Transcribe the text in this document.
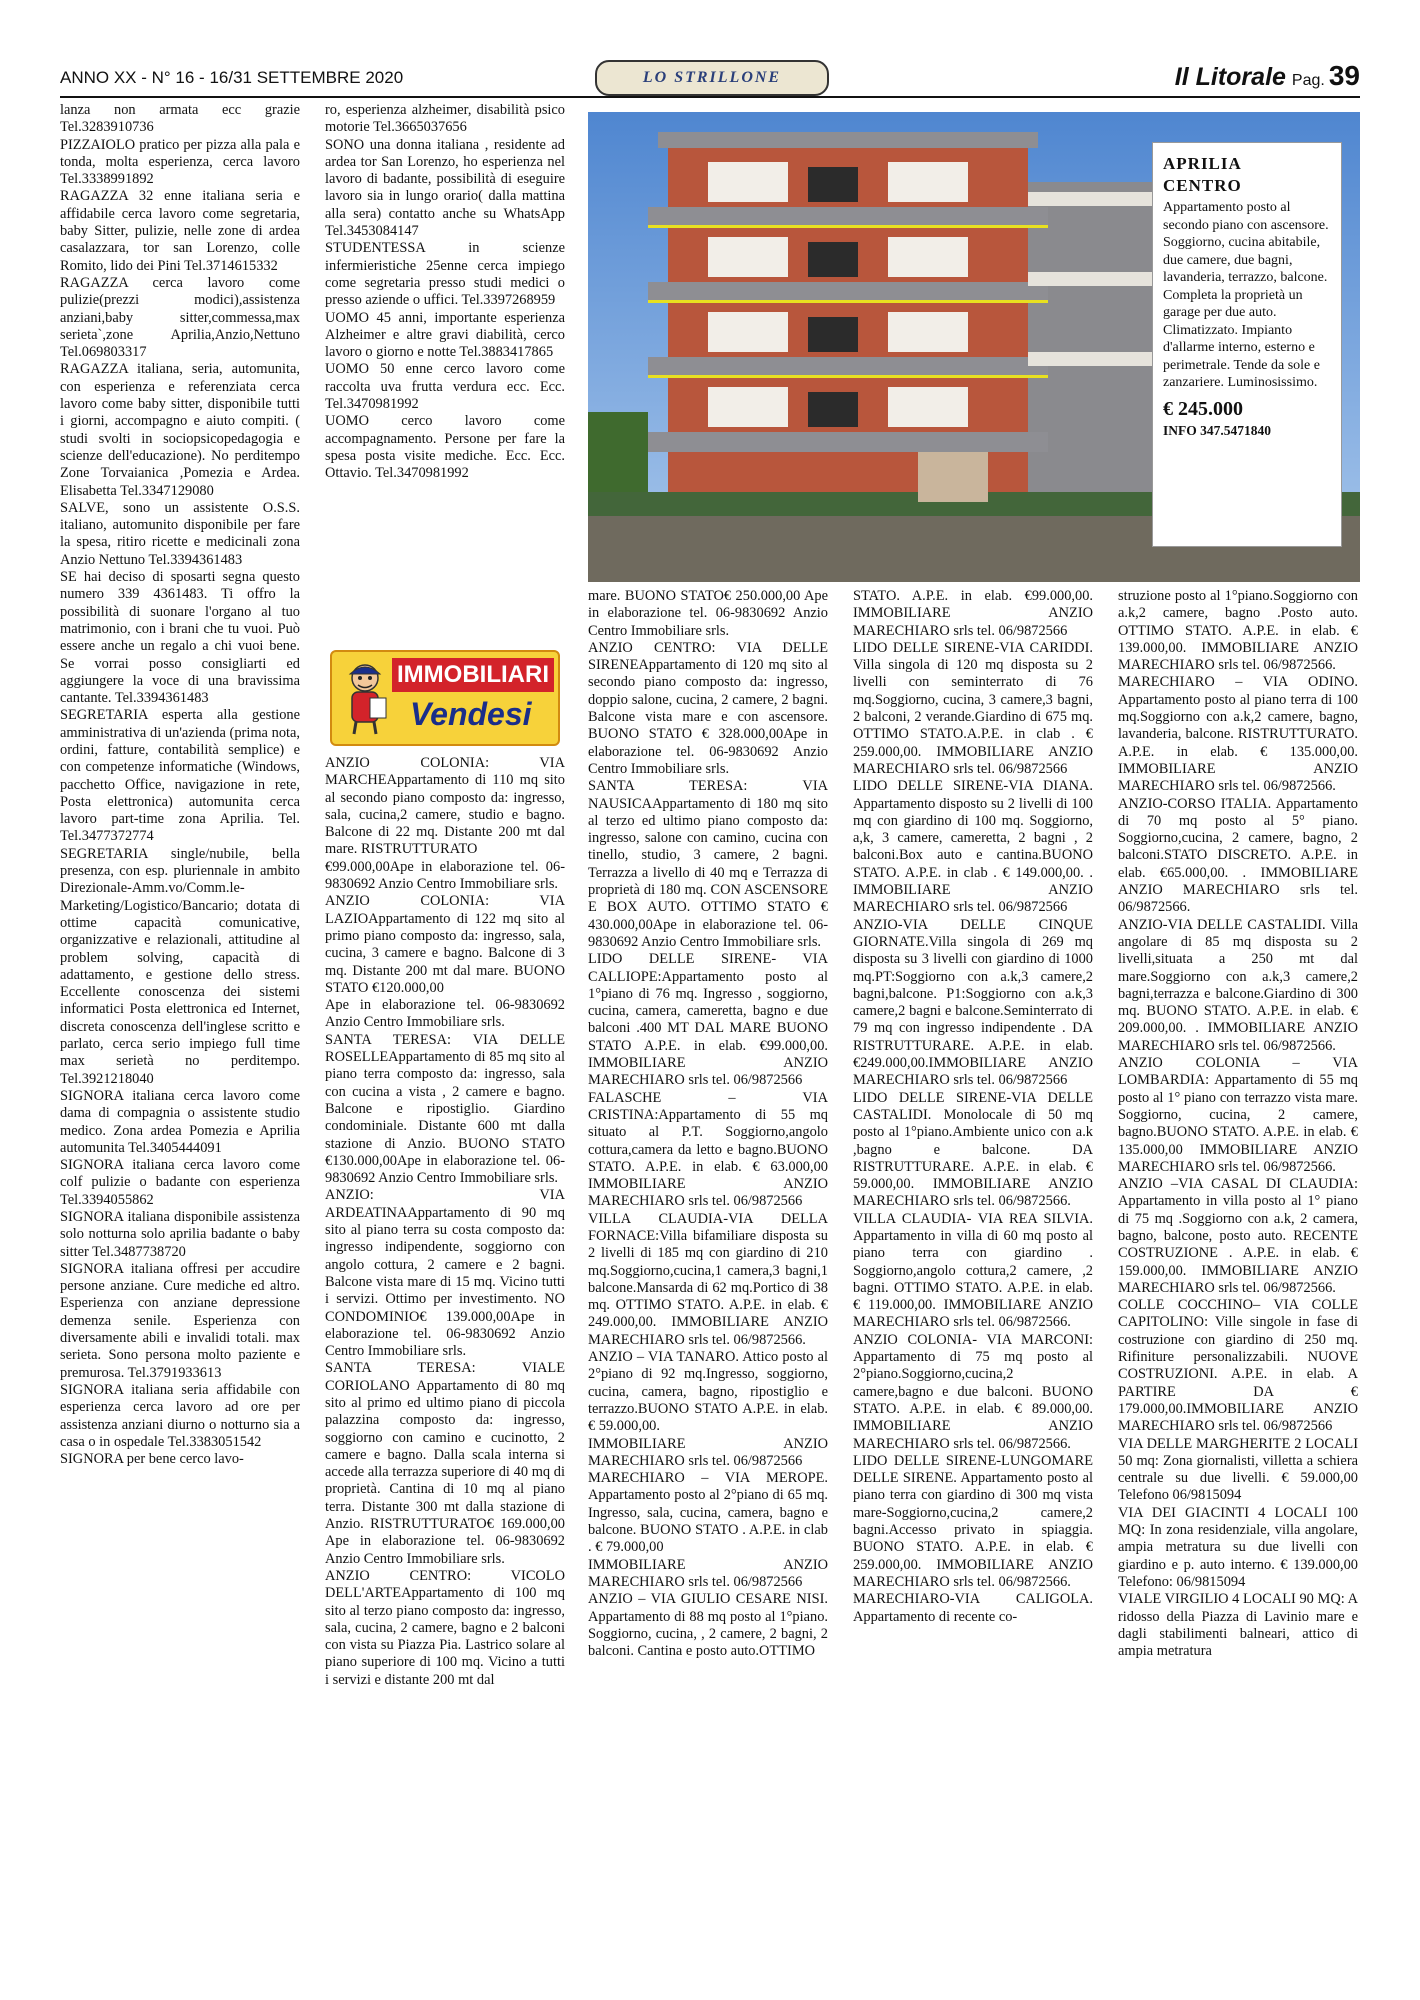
ANNO XX - N° 16 - 16/31 SETTEMBRE 2020	LO STRILLONE	Il Litorale Pag. 39

lanza non armata ecc grazie Tel.3283910736

PIZZAIOLO pratico per pizza alla pala e tonda, molta esperienza, cerca lavoro Tel.3338991892

RAGAZZA 32 enne italiana seria e affidabile cerca lavoro come segretaria, baby Sitter, pulizie, nelle zone di ardea casalazzara, tor san Lorenzo, colle Romito, lido dei Pini Tel.3714615332

RAGAZZA cerca lavoro come pulizie(prezzi modici),assistenza anziani,baby sitter,commessa,max serieta`,zone Aprilia,Anzio,Nettuno Tel.069803317

RAGAZZA italiana, seria, automunita, con esperienza e referenziata cerca lavoro come baby sitter, disponibile tutti i giorni, accompagno e aiuto compiti. ( studi svolti in sociopsicopedagogia e scienze dell'educazione). No perditempo Zone Torvaianica ,Pomezia e Ardea. Elisabetta Tel.3347129080

SALVE, sono un assistente O.S.S. italiano, automunito disponibile per fare la spesa, ritiro ricette e medicinali zona Anzio Nettuno Tel.3394361483

SE hai deciso di sposarti segna questo numero 339 4361483. Ti offro la possibilità di suonare l'organo al tuo matrimonio, con i brani che tu vuoi. Può essere anche un regalo a chi vuoi bene. Se vorrai posso consigliarti ed aggiungere la voce di una bravissima cantante. Tel.3394361483

SEGRETARIA esperta alla gestione amministrativa di un'azienda (prima nota, ordini, fatture, contabilità semplice) e con competenze informatiche (Windows, pacchetto Office, navigazione in rete, Posta elettronica) automunita cerca lavoro part-time zona Aprilia. Tel. Tel.3477372774

SEGRETARIA single/nubile, bella presenza, con esp. pluriennale in ambito Direzionale-Amm.vo/Comm.le-Marketing/Logistico/Bancario; dotata di ottime capacità comunicative, organizzative e relazionali, attitudine al problem solving, capacità di adattamento, e gestione dello stress. Eccellente conoscenza dei sistemi informatici Posta elettronica ed Internet, discreta conoscenza dell'inglese scritto e parlato, cerca serio impiego full time max serietà no perditempo. Tel.3921218040

SIGNORA italiana cerca lavoro come dama di compagnia o assistente studio medico. Zona ardea Pomezia e Aprilia automunita Tel.3405444091

SIGNORA italiana cerca lavoro come colf pulizie o badante con esperienza Tel.3394055862

SIGNORA italiana disponibile assistenza solo notturna solo aprilia badante o baby sitter Tel.3487738720

SIGNORA italiana offresi per accudire persone anziane. Cure mediche ed altro. Esperienza con anziane depressione demenza senile. Esperienza con diversamente abili e invalidi totali. max serieta. Sono persona molto paziente e premurosa. Tel.3791933613

SIGNORA italiana seria affidabile con esperienza cerca lavoro ad ore per assistenza anziani diurno o notturno sia a casa o in ospedale Tel.3383051542

SIGNORA per bene cerco lavo-

ro, esperienza alzheimer, disabilità psico motorie Tel.3665037656

SONO una donna italiana , residente ad ardea tor San Lorenzo, ho esperienza nel lavoro di badante, possibilità di eseguire lavoro sia in lungo orario( dalla mattina alla sera) contatto anche su WhatsApp Tel.3453084147

STUDENTESSA in scienze infermieristiche 25enne cerca impiego come segretaria presso studi medici o presso aziende o uffici. Tel.3397268959

UOMO 45 anni, importante esperienza Alzheimer e altre gravi diabilità, cerco lavoro o giorno e notte Tel.3883417865

UOMO 50 enne cerco lavoro come raccolta uva frutta verdura ecc. Ecc. Tel.3470981992

UOMO cerco lavoro come accompagnamento. Persone per fare la spesa posta visite mediche. Ecc. Ecc. Ottavio. Tel.3470981992

IMMOBILIARI
Vendesi

ANZIO COLONIA: VIA MARCHEAppartamento di 110 mq sito al secondo piano composto da: ingresso, sala, cucina,2 camere, studio e bagno. Balcone di 22 mq. Distante 200 mt dal mare. RISTRUTTURATO

€99.000,00Ape in elaborazione tel. 06-9830692 Anzio Centro Immobiliare srls.

ANZIO COLONIA: VIA LAZIOAppartamento di 122 mq sito al primo piano composto da: ingresso, sala, cucina, 3 camere e bagno. Balcone di 3 mq. Distante 200 mt dal mare. BUONO STATO €120.000,00

Ape in elaborazione tel. 06-9830692 Anzio Centro Immobiliare srls.

SANTA TERESA: VIA DELLE ROSELLEAppartamento di 85 mq sito al piano terra composto da: ingresso, sala con cucina a vista , 2 camere e bagno. Balcone e ripostiglio. Giardino condominiale. Distante 600 mt dalla stazione di Anzio. BUONO STATO €130.000,00Ape in elaborazione tel. 06-9830692 Anzio Centro Immobiliare srls.

ANZIO: VIA ARDEATINAAppartamento di 90 mq sito al piano terra su costa composto da: ingresso indipendente, soggiorno con angolo cottura, 2 camere e 2 bagni. Balcone vista mare di 15 mq. Vicino tutti i servizi. Ottimo per investimento. NO CONDOMINIO€ 139.000,00Ape in elaborazione tel. 06-9830692 Anzio Centro Immobiliare srls.

SANTA TERESA: VIALE CORIOLANO Appartamento di 80 mq sito al primo ed ultimo piano di piccola palazzina composto da: ingresso, soggiorno con camino e cucinotto, 2 camere e bagno. Dalla scala interna si accede alla terrazza superiore di 40 mq di proprietà. Cantina di 10 mq al piano terra. Distante 300 mt dalla stazione di Anzio. RISTRUTTURATO€ 169.000,00 Ape in elaborazione tel. 06-9830692 Anzio Centro Immobiliare srls.

ANZIO CENTRO: VICOLO DELL'ARTEAppartamento di 100 mq sito al terzo piano composto da: ingresso, sala, cucina, 2 camere, bagno e 2 balconi con vista su Piazza Pia. Lastrico solare al piano superiore di 100 mq. Vicino a tutti i servizi e distante 200 mt dal

APRILIA
CENTRO
Appartamento posto al secondo piano con ascensore. Soggiorno, cucina abitabile, due camere, due bagni, lavanderia, terrazzo, balcone. Completa la proprietà un garage per due auto. Climatizzato. Impianto d'allarme interno, esterno e perimetrale. Tende da sole e zanzariere. Luminosissimo.
€ 245.000
INFO 347.5471840

mare. BUONO STATO€ 250.000,00 Ape in elaborazione tel. 06-9830692 Anzio Centro Immobiliare srls.

ANZIO CENTRO: VIA DELLE SIRENEAppartamento di 120 mq sito al secondo piano composto da: ingresso, doppio salone, cucina, 2 camere, 2 bagni. Balcone vista mare e con ascensore. BUONO STATO € 328.000,00Ape in elaborazione tel. 06-9830692 Anzio Centro Immobiliare srls.

SANTA TERESA: VIA NAUSICAAppartamento di 180 mq sito al terzo ed ultimo piano composto da: ingresso, salone con camino, cucina con tinello, studio, 3 camere, 2 bagni. Terrazza a livello di 40 mq e Terrazza di proprietà di 180 mq. CON ASCENSORE E BOX AUTO. OTTIMO STATO € 430.000,00Ape in elaborazione tel. 06-9830692 Anzio Centro Immobiliare srls.

LIDO DELLE SIRENE- VIA CALLIOPE:Appartamento posto al 1°piano di 76 mq. Ingresso , soggiorno, cucina, camera, cameretta, bagno e due balconi .400 MT DAL MARE BUONO STATO A.P.E. in elab. €99.000,00. IMMOBILIARE ANZIO MARECHIARO srls tel. 06/9872566

FALASCHE – VIA CRISTINA:Appartamento di 55 mq situato al P.T. Soggiorno,angolo cottura,camera da letto e bagno.BUONO STATO. A.P.E. in elab. € 63.000,00 IMMOBILIARE ANZIO MARECHIARO srls tel. 06/9872566

VILLA CLAUDIA-VIA DELLA FORNACE:Villa bifamiliare disposta su 2 livelli di 185 mq con giardino di 210 mq.Soggiorno,cucina,1 camera,3 bagni,1 balcone.Mansarda di 62 mq.Portico di 38 mq. OTTIMO STATO. A.P.E. in elab. € 249.000,00. IMMOBILIARE ANZIO MARECHIARO srls tel. 06/9872566.

ANZIO – VIA TANARO. Attico posto al 2°piano di 92 mq.Ingresso, soggiorno, cucina, camera, bagno, ripostiglio e terrazzo.BUONO STATO A.P.E. in elab. € 59.000,00.

IMMOBILIARE ANZIO MARECHIARO srls tel. 06/9872566

MARECHIARO – VIA MEROPE. Appartamento posto al 2°piano di 65 mq. Ingresso, sala, cucina, camera, bagno e balcone. BUONO STATO . A.P.E. in clab . € 79.000,00

IMMOBILIARE ANZIO MARECHIARO srls tel. 06/9872566

ANZIO – VIA GIULIO CESARE NISI. Appartamento di 88 mq posto al 1°piano. Soggiorno, cucina, , 2 camere, 2 bagni, 2 balconi. Cantina e posto auto.OTTIMO

STATO. A.P.E. in elab. €99.000,00. IMMOBILIARE ANZIO MARECHIARO srls tel. 06/9872566

LIDO DELLE SIRENE-VIA CARIDDI. Villa singola di 120 mq disposta su 2 livelli con seminterrato di 76 mq.Soggiorno, cucina, 3 camere,3 bagni, 2 balconi, 2 verande.Giardino di 675 mq. OTTIMO STATO.A.P.E. in clab . € 259.000,00. IMMOBILIARE ANZIO MARECHIARO srls tel. 06/9872566

LIDO DELLE SIRENE-VIA DIANA. Appartamento disposto su 2 livelli di 100 mq con giardino di 100 mq. Soggiorno, a,k, 3 camere, cameretta, 2 bagni , 2 balconi.Box auto e cantina.BUONO STATO. A.P.E. in clab . € 149.000,00. . IMMOBILIARE ANZIO MARECHIARO srls tel. 06/9872566

ANZIO-VIA DELLE CINQUE GIORNATE.Villa singola di 269 mq disposta su 3 livelli con giardino di 1000 mq.PT:Soggiorno con a.k,3 camere,2 bagni,balcone. P1:Soggiorno con a.k,3 camere,2 bagni e balcone.Seminterrato di 79 mq con ingresso indipendente . DA RISTRUTTURARE. A.P.E. in elab. €249.000,00.IMMOBILIARE ANZIO MARECHIARO srls tel. 06/9872566

LIDO DELLE SIRENE-VIA DELLE CASTALIDI. Monolocale di 50 mq posto al 1°piano.Ambiente unico con a.k ,bagno e balcone. DA RISTRUTTURARE. A.P.E. in elab. € 59.000,00. IMMOBILIARE ANZIO MARECHIARO srls tel. 06/9872566.

VILLA CLAUDIA- VIA REA SILVIA. Appartamento in villa di 60 mq posto al piano terra con giardino . Soggiorno,angolo cottura,2 camere, ,2 bagni. OTTIMO STATO. A.P.E. in elab. € 119.000,00. IMMOBILIARE ANZIO MARECHIARO srls tel. 06/9872566.

ANZIO COLONIA- VIA MARCONI: Appartamento di 75 mq posto al 2°piano.Soggiorno,cucina,2 camere,bagno e due balconi. BUONO STATO. A.P.E. in elab. € 89.000,00. IMMOBILIARE ANZIO MARECHIARO srls tel. 06/9872566.

LIDO DELLE SIRENE-LUNGOMARE DELLE SIRENE. Appartamento posto al piano terra con giardino di 300 mq vista mare-Soggiorno,cucina,2 camere,2 bagni.Accesso privato in spiaggia. BUONO STATO. A.P.E. in elab. € 259.000,00. IMMOBILIARE ANZIO MARECHIARO srls tel. 06/9872566.

MARECHIARO-VIA CALIGOLA. Appartamento di recente co-

struzione posto al 1°piano.Soggiorno con a.k,2 camere, bagno .Posto auto. OTTIMO STATO. A.P.E. in elab. € 139.000,00. IMMOBILIARE ANZIO MARECHIARO srls tel. 06/9872566.

MARECHIARO – VIA ODINO. Appartamento posto al piano terra di 100 mq.Soggiorno con a.k,2 camere, bagno, lavanderia, balcone. RISTRUTTURATO. A.P.E. in elab. € 135.000,00. IMMOBILIARE ANZIO MARECHIARO srls tel. 06/9872566.

ANZIO-CORSO ITALIA. Appartamento di 70 mq posto al 5° piano. Soggiorno,cucina, 2 camere, bagno, 2 balconi.STATO DISCRETO. A.P.E. in elab. €65.000,00. . IMMOBILIARE ANZIO MARECHIARO srls tel. 06/9872566.

ANZIO-VIA DELLE CASTALIDI. Villa angolare di 85 mq disposta su 2 livelli,situata a 250 mt dal mare.Soggiorno con a.k,3 camere,2 bagni,terrazza e balcone.Giardino di 300 mq. BUONO STATO. A.P.E. in elab. € 209.000,00. . IMMOBILIARE ANZIO MARECHIARO srls tel. 06/9872566.

ANZIO COLONIA – VIA LOMBARDIA: Appartamento di 55 mq posto al 1° piano con terrazzo vista mare. Soggiorno, cucina, 2 camere, bagno.BUONO STATO. A.P.E. in elab. € 135.000,00 IMMOBILIARE ANZIO MARECHIARO srls tel. 06/9872566.

ANZIO –VIA CASAL DI CLAUDIA: Appartamento in villa posto al 1° piano di 75 mq .Soggiorno con a.k, 2 camera, bagno, balcone, posto auto. RECENTE COSTRUZIONE . A.P.E. in elab. € 159.000,00. IMMOBILIARE ANZIO MARECHIARO srls tel. 06/9872566.

COLLE COCCHINO– VIA COLLE CAPITOLINO: Ville singole in fase di costruzione con giardino di 250 mq. Rifiniture personalizzabili. NUOVE COSTRUZIONI. A.P.E. in elab. A PARTIRE DA € 179.000,00.IMMOBILIARE ANZIO MARECHIARO srls tel. 06/9872566

VIA DELLE MARGHERITE 2 LOCALI 50 mq: Zona giornalisti, villetta a schiera centrale su due livelli. € 59.000,00 Telefono 06/9815094

VIA DEI GIACINTI 4 LOCALI 100 MQ: In zona residenziale, villa angolare, ampia metratura su due livelli con giardino e p. auto interno. € 139.000,00 Telefono: 06/9815094

VIALE VIRGILIO 4 LOCALI 90 MQ: A ridosso della Piazza di Lavinio mare e dagli stabilimenti balneari, attico di ampia metratura
